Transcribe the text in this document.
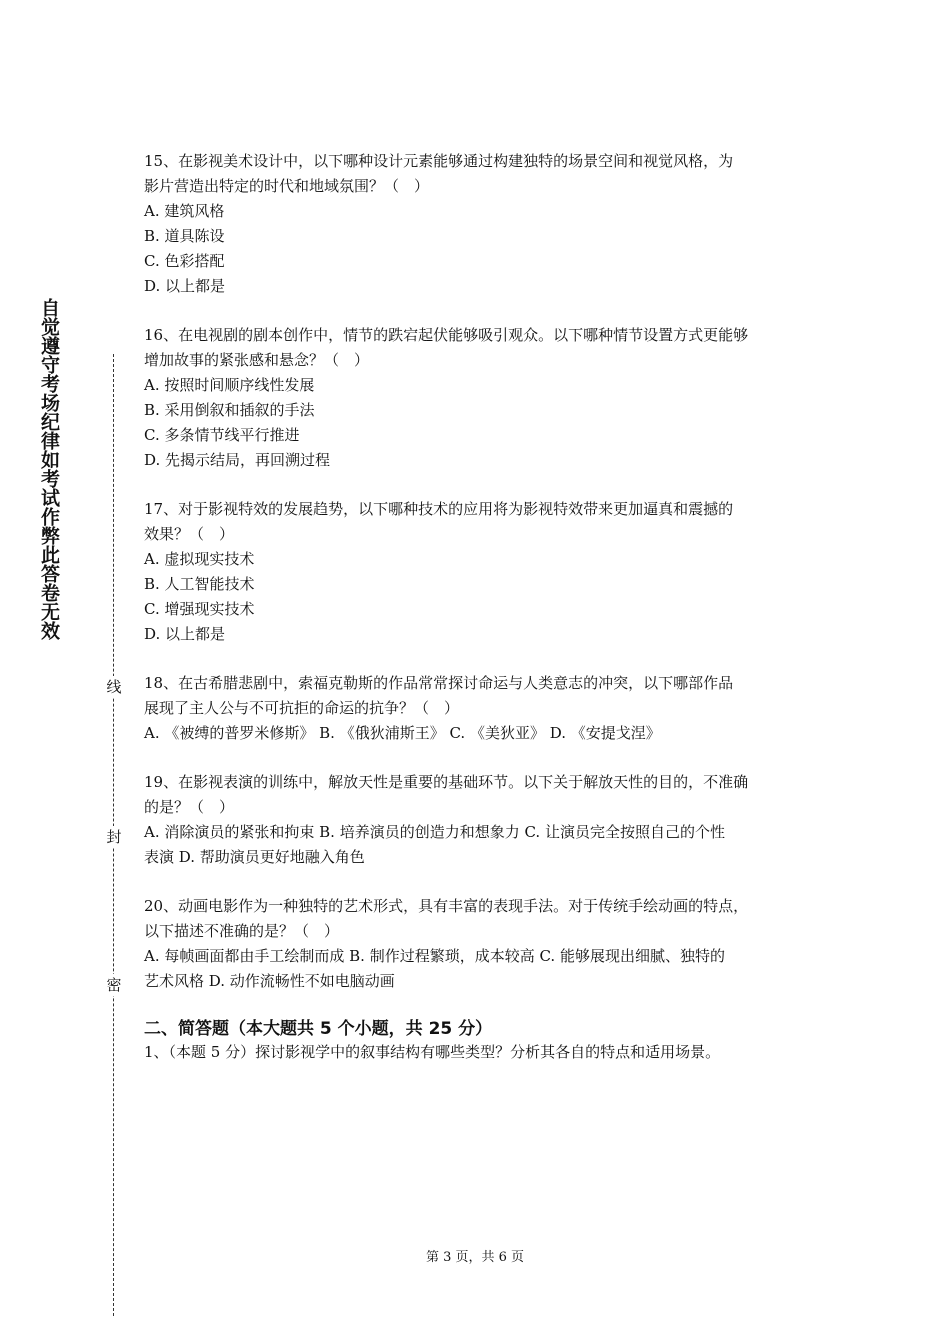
自觉遵守考场纪律如考试作弊此答卷无效
线
封
密

15、在影视美术设计中，以下哪种设计元素能够通过构建独特的场景空间和视觉风格，为

影片营造出特定的时代和地域氛围？（　）

A. 建筑风格

B. 道具陈设

C. 色彩搭配

D. 以上都是

16、在电视剧的剧本创作中，情节的跌宕起伏能够吸引观众。以下哪种情节设置方式更能够

增加故事的紧张感和悬念？（　）

A. 按照时间顺序线性发展

B. 采用倒叙和插叙的手法

C. 多条情节线平行推进

D. 先揭示结局，再回溯过程

17、对于影视特效的发展趋势，以下哪种技术的应用将为影视特效带来更加逼真和震撼的

效果？（　）

A. 虚拟现实技术

B. 人工智能技术

C. 增强现实技术

D. 以上都是

18、在古希腊悲剧中，索福克勒斯的作品常常探讨命运与人类意志的冲突，以下哪部作品

展现了主人公与不可抗拒的命运的抗争？（　）

A. 《被缚的普罗米修斯》 B. 《俄狄浦斯王》 C. 《美狄亚》 D. 《安提戈涅》

19、在影视表演的训练中，解放天性是重要的基础环节。以下关于解放天性的目的，不准确

的是？（　）

A. 消除演员的紧张和拘束 B. 培养演员的创造力和想象力 C. 让演员完全按照自己的个性

表演 D. 帮助演员更好地融入角色

20、动画电影作为一种独特的艺术形式，具有丰富的表现手法。对于传统手绘动画的特点，

以下描述不准确的是？（　）

A. 每帧画面都由手工绘制而成 B. 制作过程繁琐，成本较高 C. 能够展现出细腻、独特的

艺术风格 D. 动作流畅性不如电脑动画

二、简答题（本大题共 5 个小题，共 25 分）

1、（本题 5 分）探讨影视学中的叙事结构有哪些类型？分析其各自的特点和适用场景。

第 3 页，共 6 页
